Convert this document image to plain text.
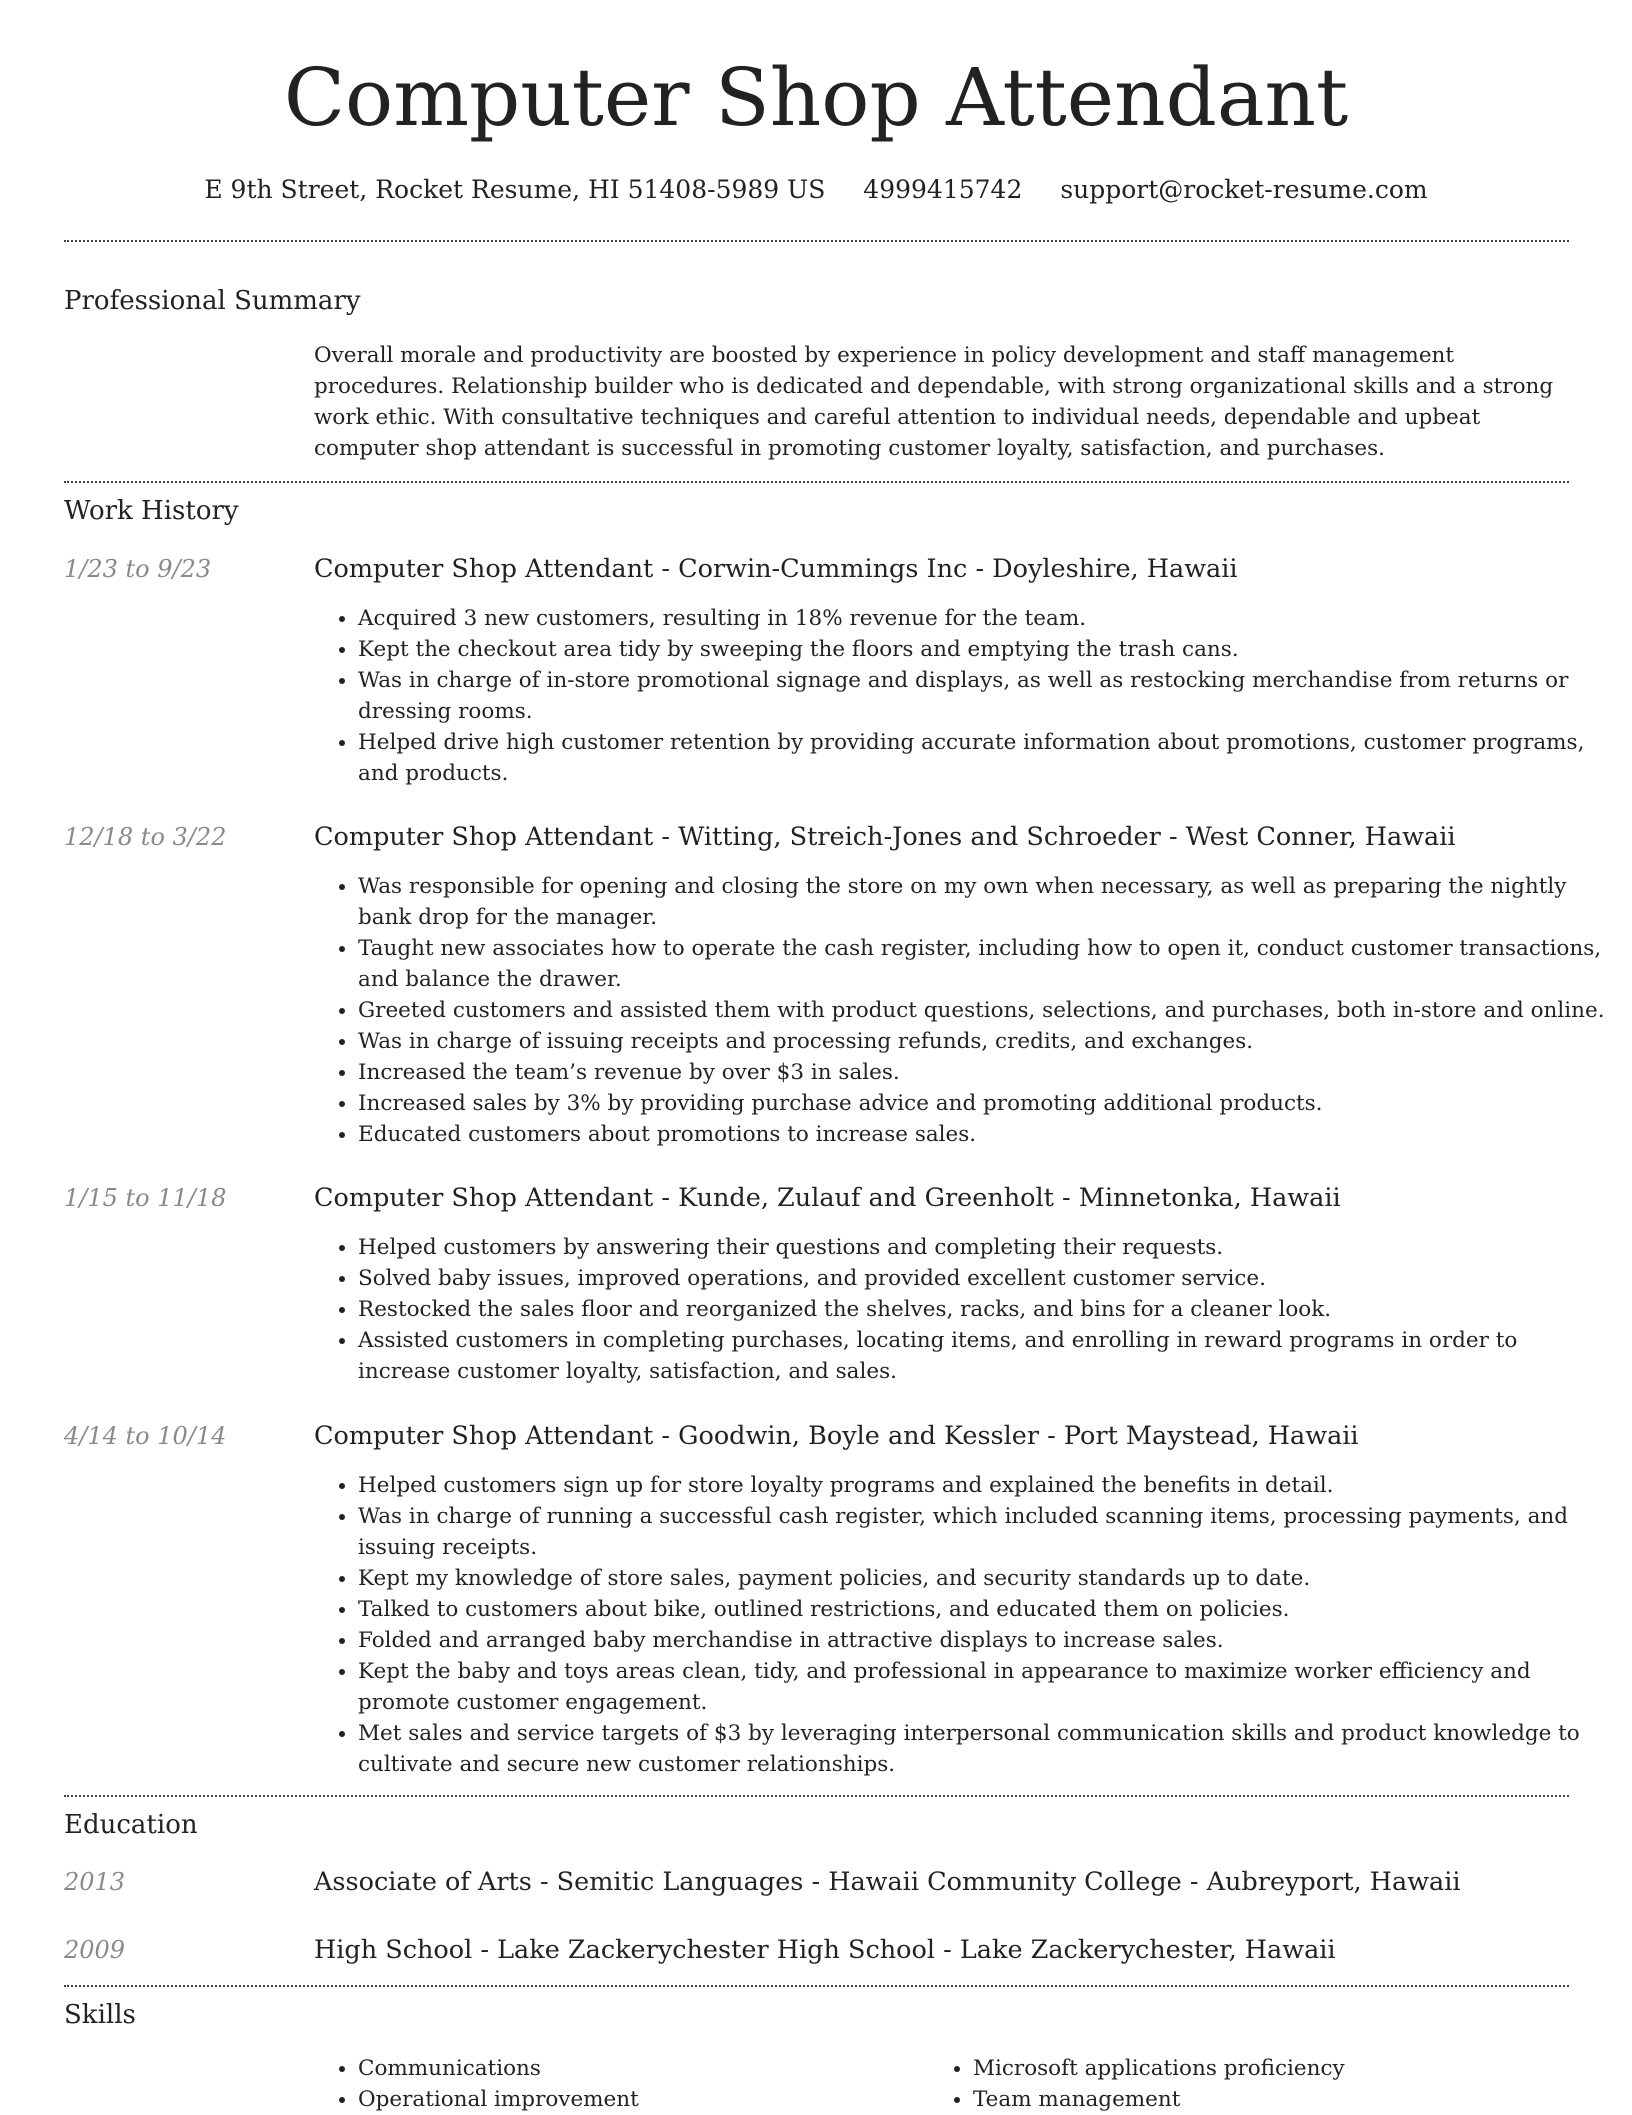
Computer Shop Attendant
E 9th Street, Rocket Resume, HI 51408-5989 US 4999415742 support@rocket-resume.com
Professional Summary
Overall morale and productivity are boosted by experience in policy development and staff management procedures. Relationship builder who is dedicated and dependable, with strong organizational skills and a strong work ethic. With consultative techniques and careful attention to individual needs, dependable and upbeat computer shop attendant is successful in promoting customer loyalty, satisfaction, and purchases.
Work History
1/23 to 9/23	Computer Shop Attendant - Corwin-Cummings Inc - Doyleshire, Hawaii
• Acquired 3 new customers, resulting in 18% revenue for the team.
• Kept the checkout area tidy by sweeping the floors and emptying the trash cans.
• Was in charge of in-store promotional signage and displays, as well as restocking merchandise from returns or dressing rooms.
• Helped drive high customer retention by providing accurate information about promotions, customer programs, and products.
12/18 to 3/22	Computer Shop Attendant - Witting, Streich-Jones and Schroeder - West Conner, Hawaii
• Was responsible for opening and closing the store on my own when necessary, as well as preparing the nightly bank drop for the manager.
• Taught new associates how to operate the cash register, including how to open it, conduct customer transactions, and balance the drawer.
• Greeted customers and assisted them with product questions, selections, and purchases, both in-store and online.
• Was in charge of issuing receipts and processing refunds, credits, and exchanges.
• Increased the team’s revenue by over $3 in sales.
• Increased sales by 3% by providing purchase advice and promoting additional products.
• Educated customers about promotions to increase sales.
1/15 to 11/18	Computer Shop Attendant - Kunde, Zulauf and Greenholt - Minnetonka, Hawaii
• Helped customers by answering their questions and completing their requests.
• Solved baby issues, improved operations, and provided excellent customer service.
• Restocked the sales floor and reorganized the shelves, racks, and bins for a cleaner look.
• Assisted customers in completing purchases, locating items, and enrolling in reward programs in order to increase customer loyalty, satisfaction, and sales.
4/14 to 10/14	Computer Shop Attendant - Goodwin, Boyle and Kessler - Port Maystead, Hawaii
• Helped customers sign up for store loyalty programs and explained the benefits in detail.
• Was in charge of running a successful cash register, which included scanning items, processing payments, and issuing receipts.
• Kept my knowledge of store sales, payment policies, and security standards up to date.
• Talked to customers about bike, outlined restrictions, and educated them on policies.
• Folded and arranged baby merchandise in attractive displays to increase sales.
• Kept the baby and toys areas clean, tidy, and professional in appearance to maximize worker efficiency and promote customer engagement.
• Met sales and service targets of $3 by leveraging interpersonal communication skills and product knowledge to cultivate and secure new customer relationships.
Education
2013	Associate of Arts - Semitic Languages - Hawaii Community College - Aubreyport, Hawaii
2009	High School - Lake Zackerychester High School - Lake Zackerychester, Hawaii
Skills
• Communications
• Operational improvement
• Microsoft applications proficiency
• Team management
